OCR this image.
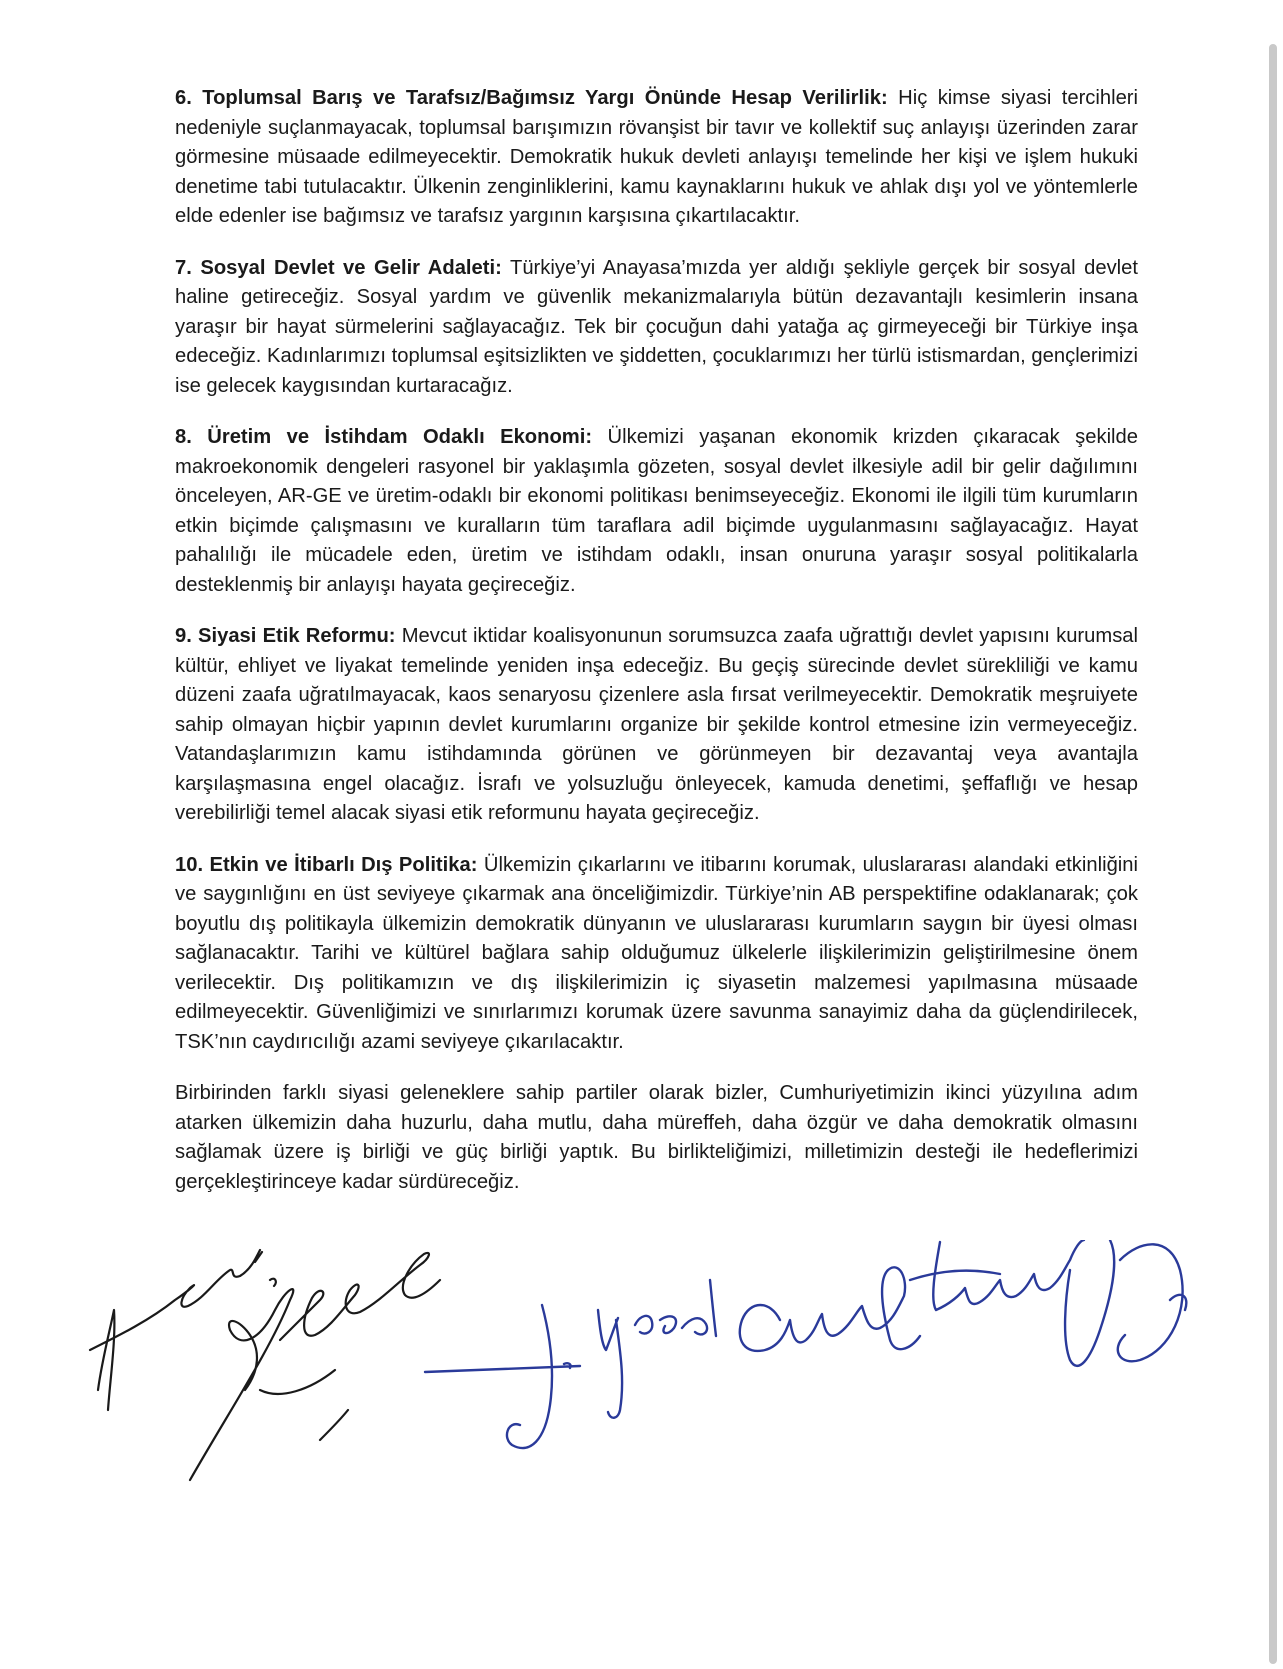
6. Toplumsal Barış ve Tarafsız/Bağımsız Yargı Önünde Hesap Verilirlik: Hiç kimse siyasi tercihleri nedeniyle suçlanmayacak, toplumsal barışımızın rövanşist bir tavır ve kollektif suç anlayışı üzerinden zarar görmesine müsaade edilmeyecektir. Demokratik hukuk devleti anlayışı temelinde her kişi ve işlem hukuki denetime tabi tutulacaktır. Ülkenin zenginliklerini, kamu kaynaklarını hukuk ve ahlak dışı yol ve yöntemlerle elde edenler ise bağımsız ve tarafsız yargının karşısına çıkartılacaktır.

7. Sosyal Devlet ve Gelir Adaleti: Türkiye’yi Anayasa’mızda yer aldığı şekliyle gerçek bir sosyal devlet haline getireceğiz. Sosyal yardım ve güvenlik mekanizmalarıyla bütün dezavantajlı kesimlerin insana yaraşır bir hayat sürmelerini sağlayacağız. Tek bir çocuğun dahi yatağa aç girmeyeceği bir Türkiye inşa edeceğiz. Kadınlarımızı toplumsal eşitsizlikten ve şiddetten, çocuklarımızı her türlü istismardan, gençlerimizi ise gelecek kaygısından kurtaracağız.

8. Üretim ve İstihdam Odaklı Ekonomi: Ülkemizi yaşanan ekonomik krizden çıkaracak şekilde makroekonomik dengeleri rasyonel bir yaklaşımla gözeten, sosyal devlet ilkesiyle adil bir gelir dağılımını önceleyen, AR-GE ve üretim-odaklı bir ekonomi politikası benimseyeceğiz. Ekonomi ile ilgili tüm kurumların etkin biçimde çalışmasını ve kuralların tüm taraflara adil biçimde uygulanmasını sağlayacağız. Hayat pahalılığı ile mücadele eden, üretim ve istihdam odaklı, insan onuruna yaraşır sosyal politikalarla desteklenmiş bir anlayışı hayata geçireceğiz.

9. Siyasi Etik Reformu: Mevcut iktidar koalisyonunun sorumsuzca zaafa uğrattığı devlet yapısını kurumsal kültür, ehliyet ve liyakat temelinde yeniden inşa edeceğiz. Bu geçiş sürecinde devlet sürekliliği ve kamu düzeni zaafa uğratılmayacak, kaos senaryosu çizenlere asla fırsat verilmeyecektir. Demokratik meşruiyete sahip olmayan hiçbir yapının devlet kurumlarını organize bir şekilde kontrol etmesine izin vermeyeceğiz. Vatandaşlarımızın kamu istihdamında görünen ve görünmeyen bir dezavantaj veya avantajla karşılaşmasına engel olacağız. İsrafı ve yolsuzluğu önleyecek, kamuda denetimi, şeffaflığı ve hesap verebilirliği temel alacak siyasi etik reformunu hayata geçireceğiz.

10. Etkin ve İtibarlı Dış Politika: Ülkemizin çıkarlarını ve itibarını korumak, uluslararası alandaki etkinliğini ve saygınlığını en üst seviyeye çıkarmak ana önceliğimizdir. Türkiye’nin AB perspektifine odaklanarak; çok boyutlu dış politikayla ülkemizin demokratik dünyanın ve uluslararası kurumların saygın bir üyesi olması sağlanacaktır. Tarihi ve kültürel bağlara sahip olduğumuz ülkelerle ilişkilerimizin geliştirilmesine önem verilecektir. Dış politikamızın ve dış ilişkilerimizin iç siyasetin malzemesi yapılmasına müsaade edilmeyecektir. Güvenliğimizi ve sınırlarımızı korumak üzere savunma sanayimiz daha da güçlendirilecek, TSK’nın caydırıcılığı azami seviyeye çıkarılacaktır.

Birbirinden farklı siyasi geleneklere sahip partiler olarak bizler, Cumhuriyetimizin ikinci yüzyılına adım atarken ülkemizin daha huzurlu, daha mutlu, daha müreffeh, daha özgür ve daha demokratik olmasını sağlamak üzere iş birliği ve güç birliği yaptık. Bu birlikteliğimizi, milletimizin desteği ile hedeflerimizi gerçekleştirinceye kadar sürdüreceğiz.
